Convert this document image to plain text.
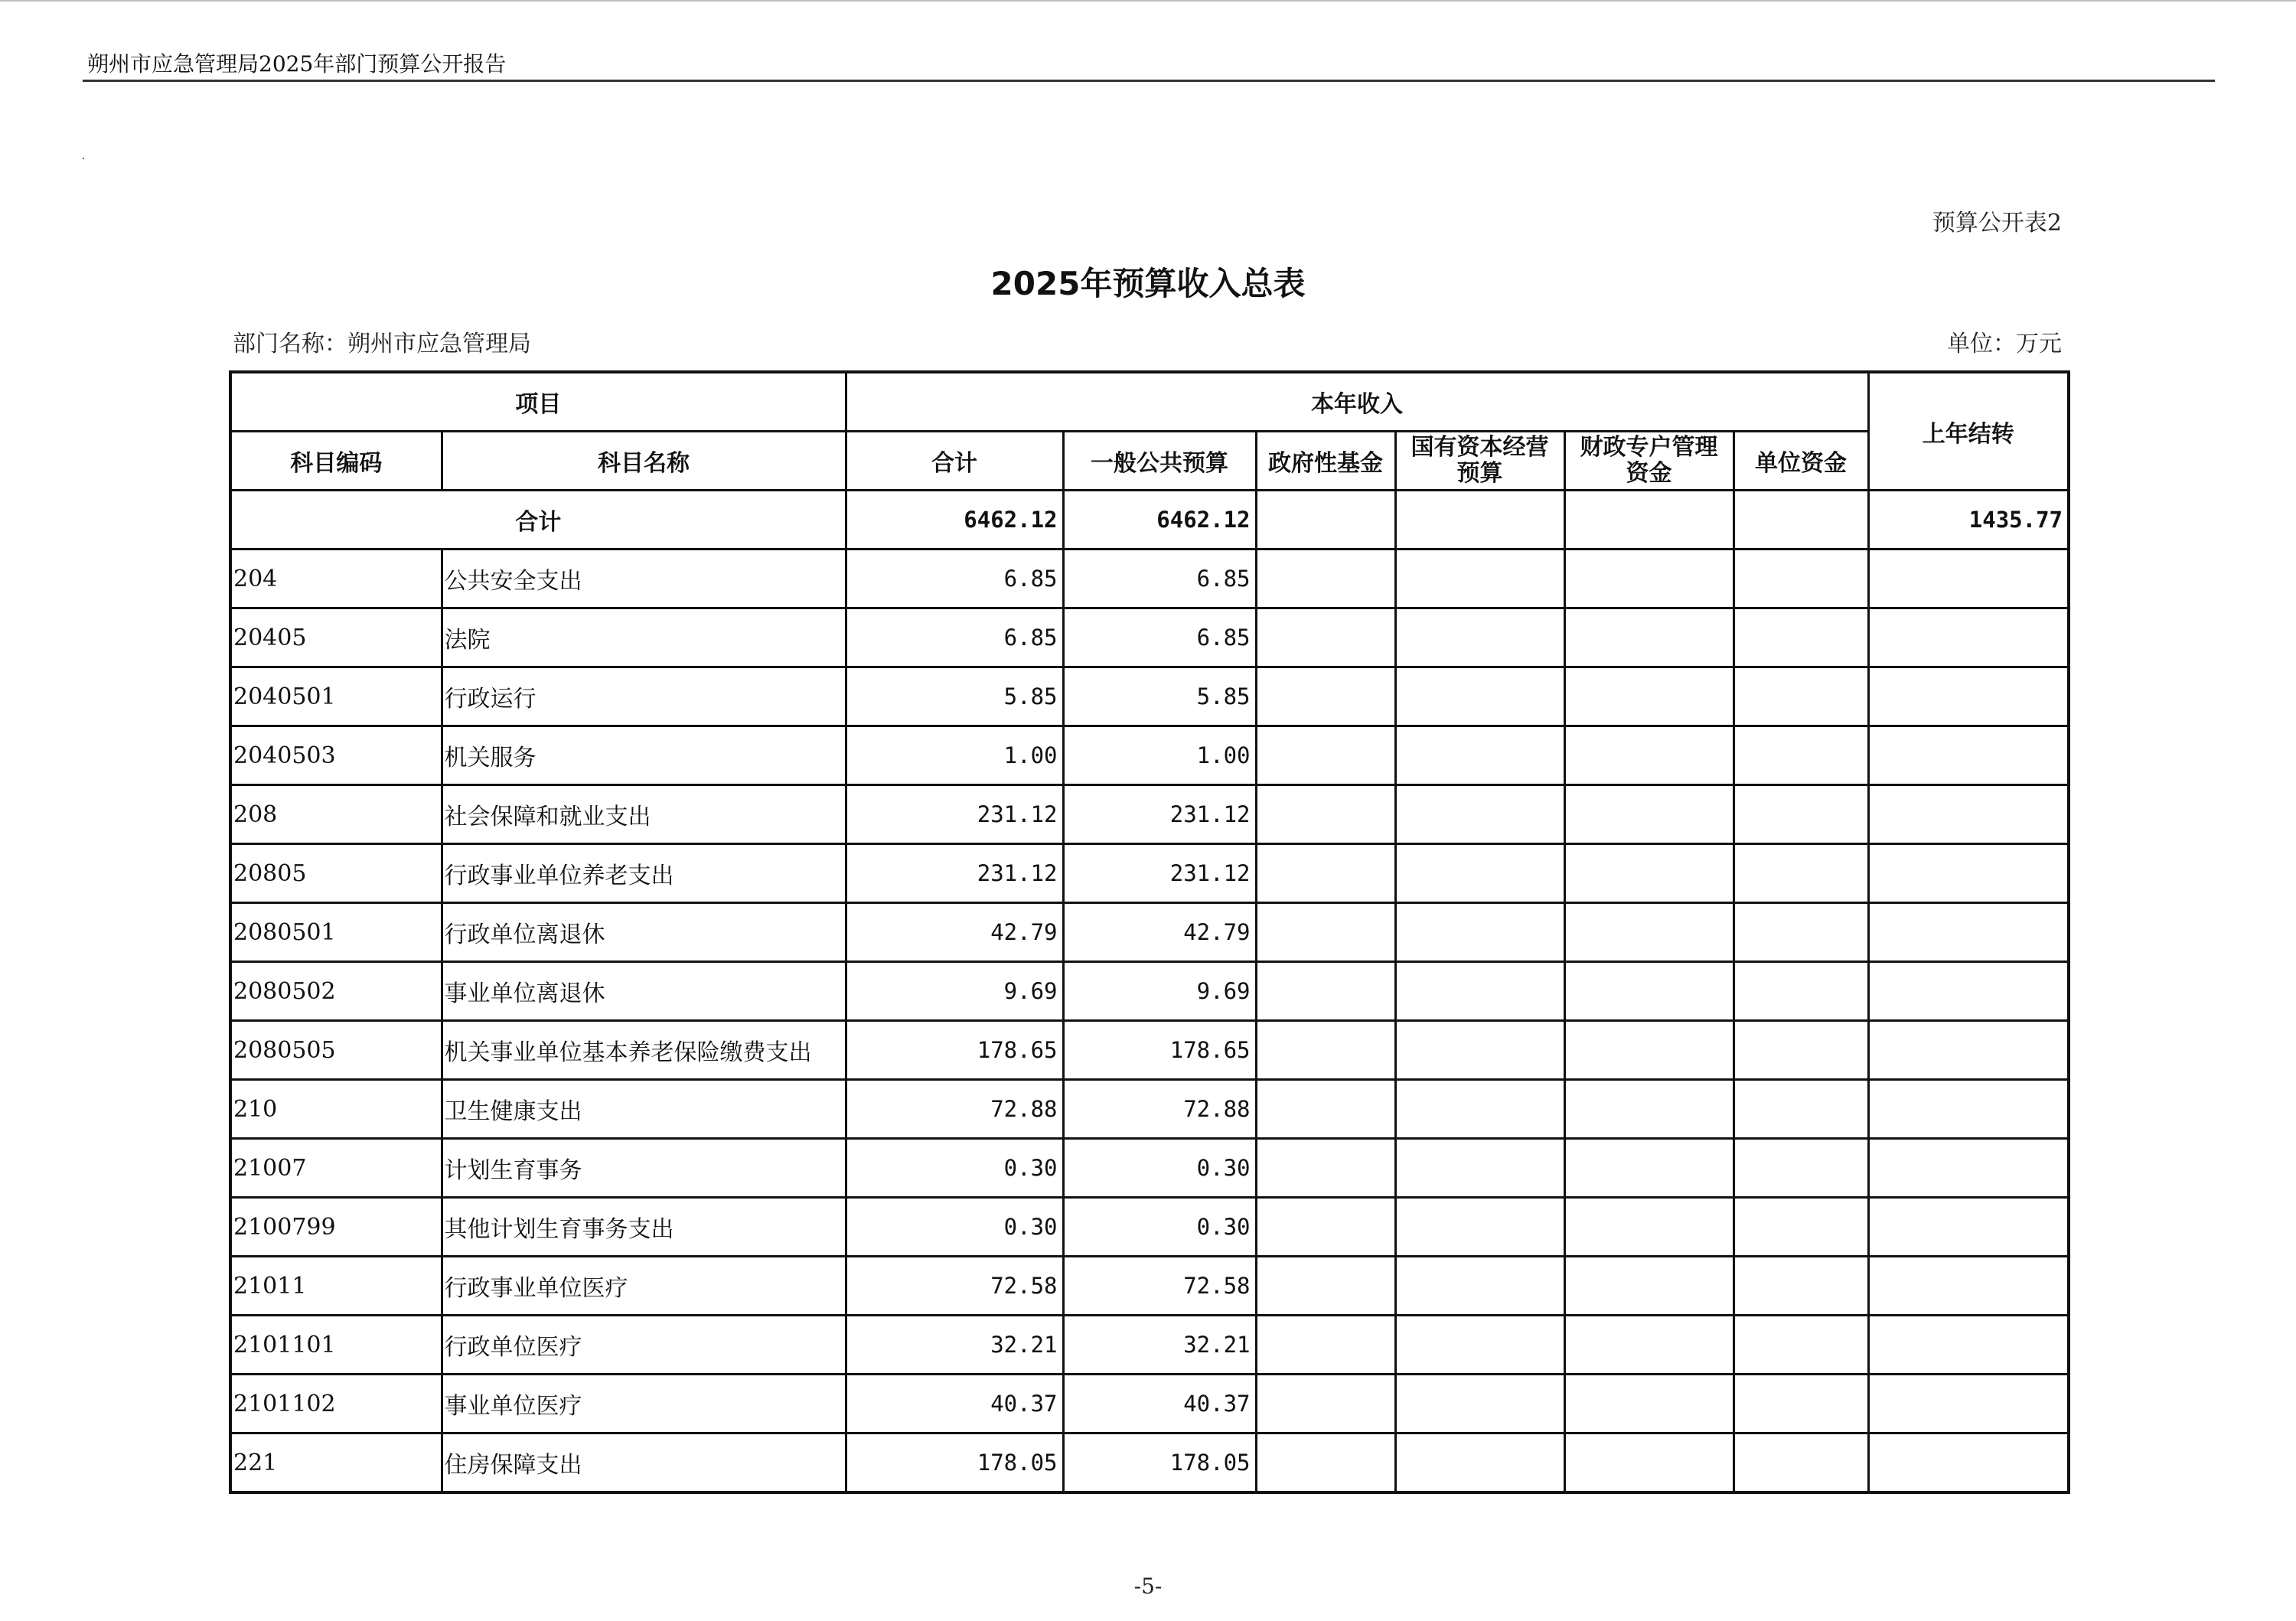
朔州市应急管理局2025年部门预算公开报告
预算公开表2
2025年预算收入总表
部门名称：朔州市应急管理局	单位：万元
项目		本年收入						上年结转
科目编码	科目名称	合计	一般公共预算	政府性基金	国有资本经营预算	财政专户管理资金	单位资金	
合计		6462.12	6462.12					1435.77
204	公共安全支出	6.85	6.85					
20405	法院	6.85	6.85					
2040501	行政运行	5.85	5.85					
2040503	机关服务	1.00	1.00					
208	社会保障和就业支出	231.12	231.12					
20805	行政事业单位养老支出	231.12	231.12					
2080501	行政单位离退休	42.79	42.79					
2080502	事业单位离退休	9.69	9.69					
2080505	机关事业单位基本养老保险缴费支出	178.65	178.65					
210	卫生健康支出	72.88	72.88					
21007	计划生育事务	0.30	0.30					
2100799	其他计划生育事务支出	0.30	0.30					
21011	行政事业单位医疗	72.58	72.58					
2101101	行政单位医疗	32.21	32.21					
2101102	事业单位医疗	40.37	40.37					
221	住房保障支出	178.05	178.05					
-5-
